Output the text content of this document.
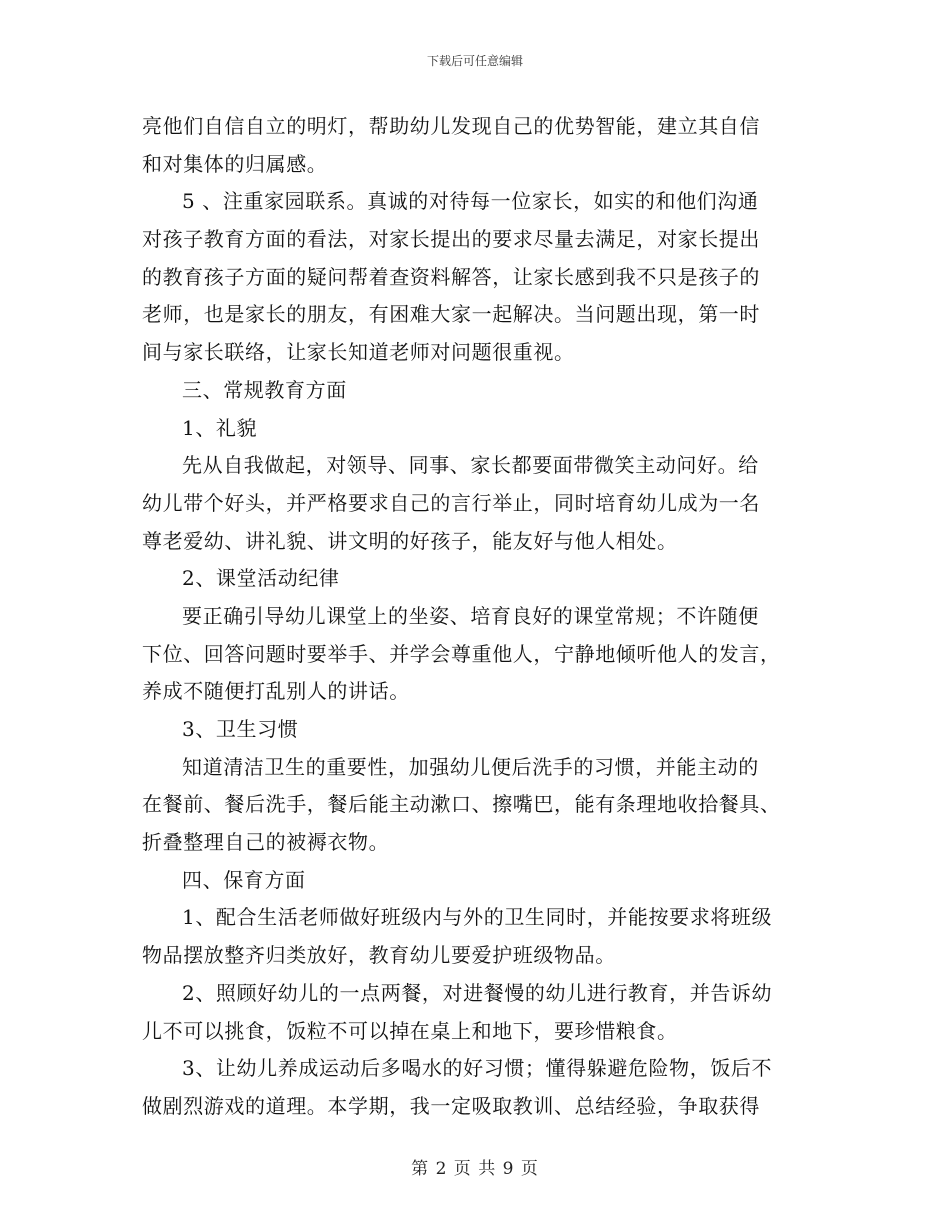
下载后可任意编辑
亮他们自信自立的明灯，帮助幼儿发现自己的优势智能，建立其自信
和对集体的归属感。
5 、注重家园联系。真诚的对待每一位家长，如实的和他们沟通
对孩子教育方面的看法，对家长提出的要求尽量去满足，对家长提出
的教育孩子方面的疑问帮着查资料解答，让家长感到我不只是孩子的
老师，也是家长的朋友，有困难大家一起解决。当问题出现，第一时
间与家长联络，让家长知道老师对问题很重视。
三、常规教育方面
1、礼貌
先从自我做起，对领导、同事、家长都要面带微笑主动问好。给
幼儿带个好头，并严格要求自己的言行举止，同时培育幼儿成为一名
尊老爱幼、讲礼貌、讲文明的好孩子，能友好与他人相处。
2、课堂活动纪律
要正确引导幼儿课堂上的坐姿、培育良好的课堂常规；不许随便
下位、回答问题时要举手、并学会尊重他人，宁静地倾听他人的发言，
养成不随便打乱别人的讲话。
3、卫生习惯
知道清洁卫生的重要性，加强幼儿便后洗手的习惯，并能主动的
在餐前、餐后洗手，餐后能主动漱口、擦嘴巴，能有条理地收拾餐具、
折叠整理自己的被褥衣物。
四、保育方面
1、配合生活老师做好班级内与外的卫生同时，并能按要求将班级
物品摆放整齐归类放好，教育幼儿要爱护班级物品。
2、照顾好幼儿的一点两餐，对进餐慢的幼儿进行教育，并告诉幼
儿不可以挑食，饭粒不可以掉在桌上和地下，要珍惜粮食。
3、让幼儿养成运动后多喝水的好习惯；懂得躲避危险物，饭后不
做剧烈游戏的道理。本学期，我一定吸取教训、总结经验，争取获得
第 2 页 共 9 页
